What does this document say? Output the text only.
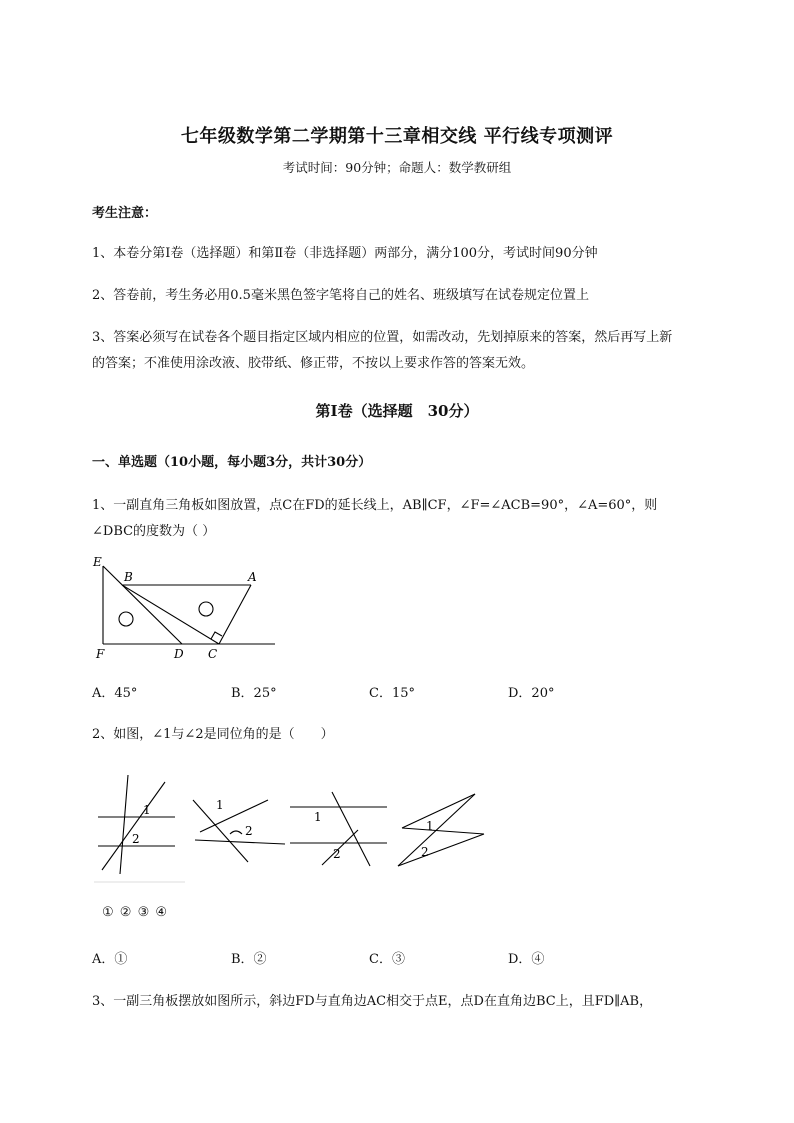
七年级数学第二学期第十三章相交线 平行线专项测评
考试时间：90分钟；命题人：数学教研组
考生注意：
1、本卷分第I卷（选择题）和第Ⅱ卷（非选择题）两部分，满分100分，考试时间90分钟
2、答卷前，考生务必用0.5毫米黑色签字笔将自己的姓名、班级填写在试卷规定位置上
3、答案必须写在试卷各个题目指定区域内相应的位置，如需改动，先划掉原来的答案，然后再写上新
的答案；不准使用涂改液、胶带纸、修正带，不按以上要求作答的答案无效。
第I卷（选择题　30分）
一、单选题（10小题，每小题3分，共计30分）
1、一副直角三角板如图放置，点C在FD的延长线上，AB∥CF，∠F=∠ACB=90°，∠A=60°，则
∠DBC的度数为（ ）
E
B	A
F	D C
A．45°	B．25°	C．15°	D．20°
2、如图，∠1与∠2是同位角的是（　　）
1
2
1
2
1
2
1
2
① ② ③ ④
A．①	B．②	C．③	D．④
3、一副三角板摆放如图所示，斜边FD与直角边AC相交于点E，点D在直角边BC上，且FD∥AB，
